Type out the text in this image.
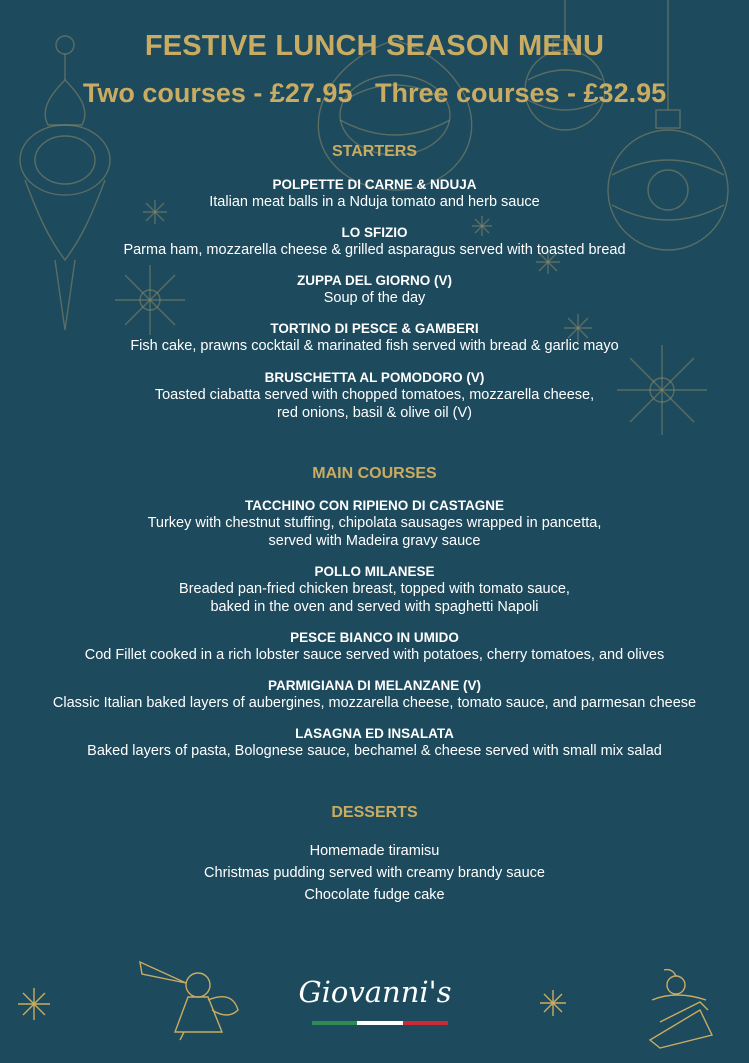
FESTIVE LUNCH SEASON MENU
Two courses - £27.95   Three courses - £32.95
STARTERS
POLPETTE DI CARNE & NDUJA
Italian meat balls in a Nduja tomato and herb sauce
LO SFIZIO
Parma ham, mozzarella cheese & grilled asparagus served with toasted bread
ZUPPA DEL GIORNO (V)
Soup of the day
TORTINO DI PESCE & GAMBERI
Fish cake, prawns cocktail & marinated fish served with bread & garlic mayo
BRUSCHETTA AL POMODORO (V)
Toasted ciabatta served with chopped tomatoes, mozzarella cheese,
red onions, basil & olive oil (V)
MAIN COURSES
TACCHINO CON RIPIENO DI CASTAGNE
Turkey with chestnut stuffing, chipolata sausages wrapped in pancetta,
served with Madeira gravy sauce
POLLO MILANESE
Breaded pan-fried chicken breast, topped with tomato sauce,
baked in the oven and served with spaghetti Napoli
PESCE BIANCO IN UMIDO
Cod Fillet cooked in a rich lobster sauce served with potatoes, cherry tomatoes, and olives
PARMIGIANA DI MELANZANE (V)
Classic Italian baked layers of aubergines, mozzarella cheese, tomato sauce, and parmesan cheese
LASAGNA ED INSALATA
Baked layers of pasta, Bolognese sauce, bechamel & cheese served with small mix salad
DESSERTS
Homemade tiramisu
Christmas pudding served with creamy brandy sauce
Chocolate fudge cake
Giovanni's
